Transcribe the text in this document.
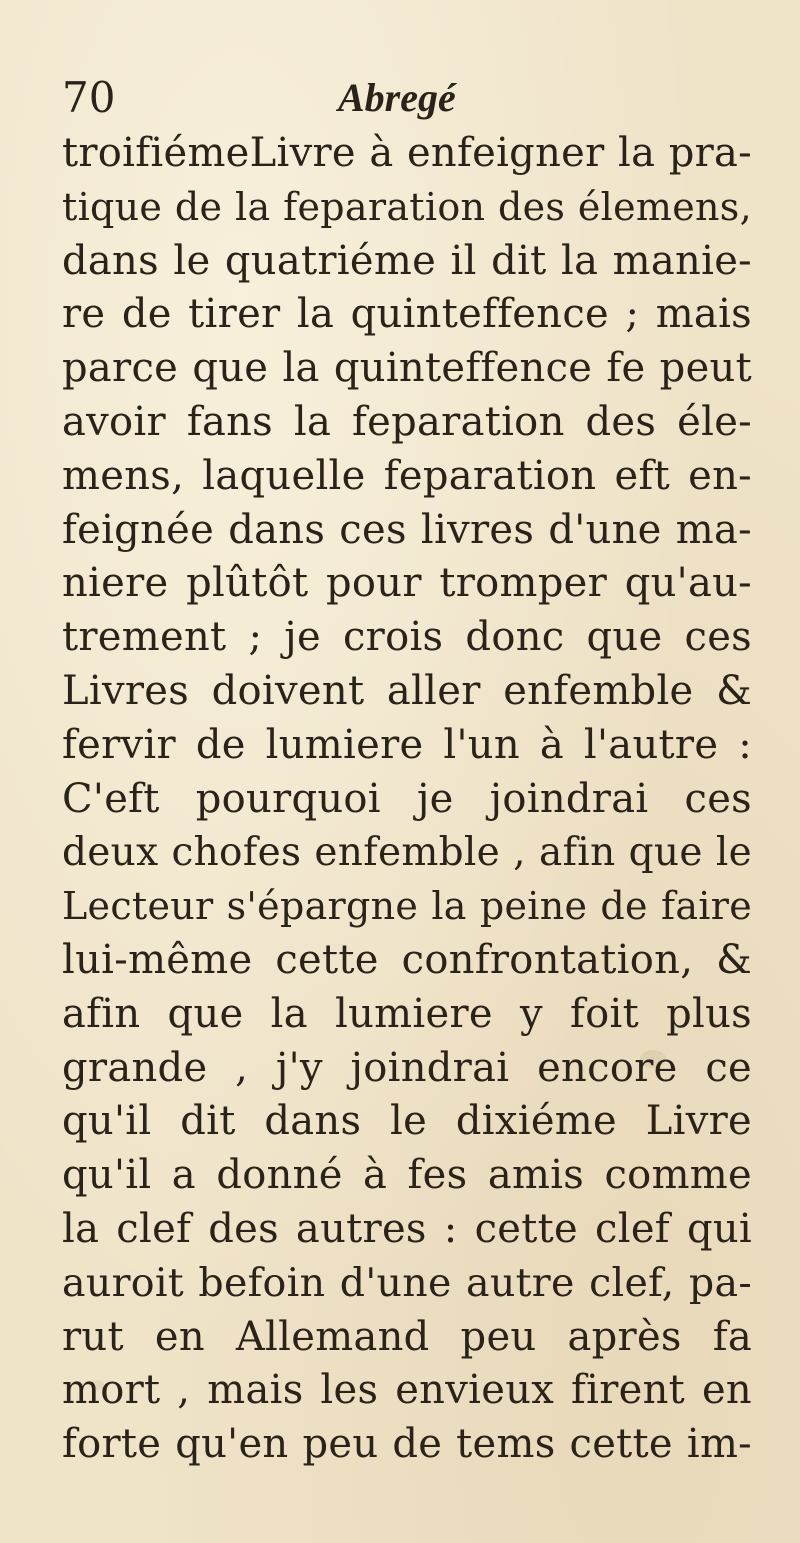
70	Abregé
troifiémeLivre à enfeigner la pra-
tique de la feparation des élemens,
dans le quatriéme il dit la manie-
re de tirer la quinteffence ; mais
parce que la quinteffence fe peut
avoir fans la feparation des éle-
mens, laquelle feparation eft en-
feignée dans ces livres d'une ma-
niere plûtôt pour tromper qu'au-
trement ; je crois donc que ces
Livres doivent aller enfemble &
fervir de lumiere l'un à l'autre :
C'eft pourquoi je joindrai ces
deux chofes enfemble , afin que le
Lecteur s'épargne la peine de faire
lui-même cette confrontation, &
afin que la lumiere y foit plus
grande , j'y joindrai encore ce
qu'il dit dans le dixiéme Livre
qu'il a donné à fes amis comme
la clef des autres : cette clef qui
auroit befoin d'une autre clef, pa-
rut en Allemand peu après fa
mort , mais les envieux firent en
forte qu'en peu de tems cette im-
